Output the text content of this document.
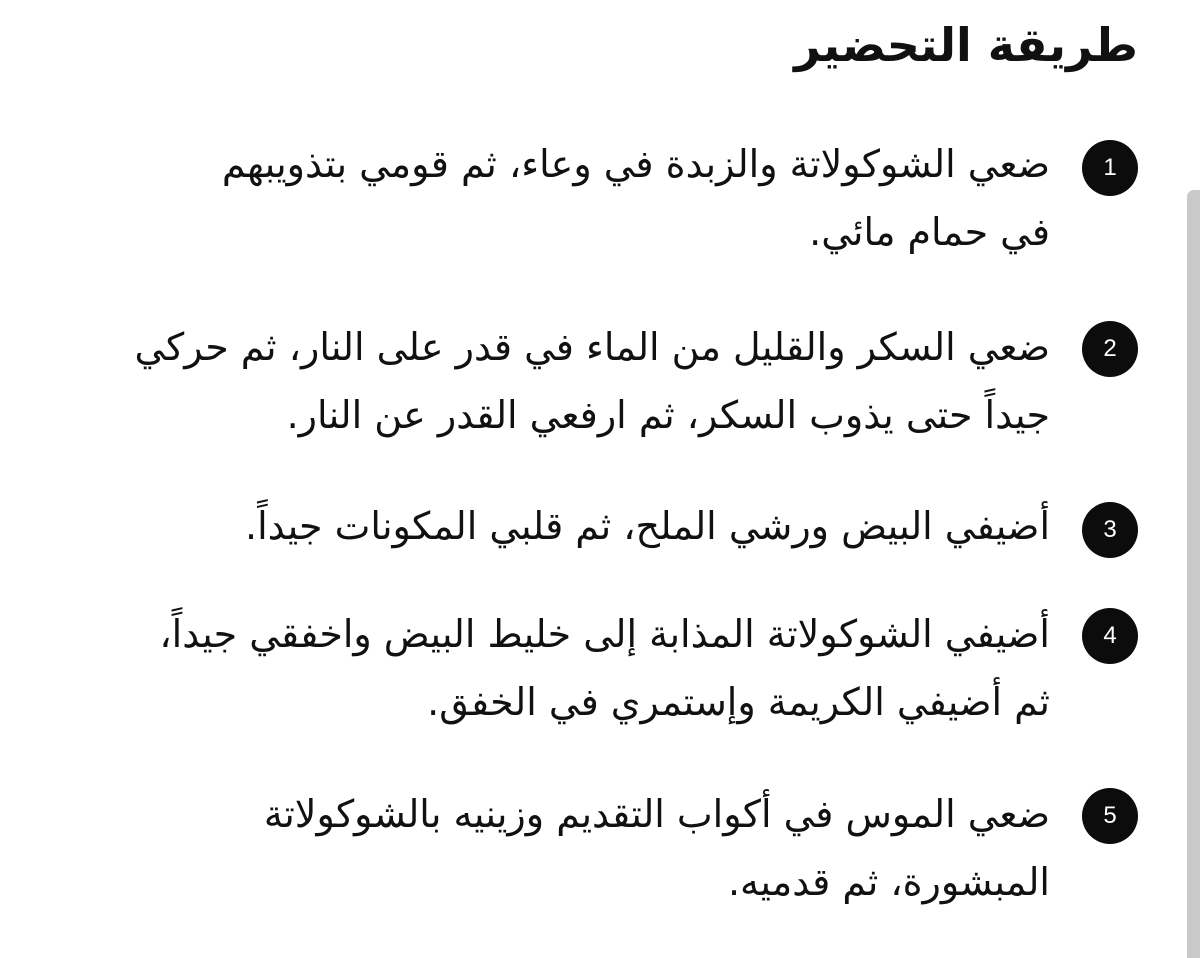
طريقة التحضير
1

ضعي الشوكولاتة والزبدة في وعاء، ثم قومي بتذويبهم
في حمام مائي.

2

ضعي السكر والقليل من الماء في قدر على النار، ثم حركي
جيداً حتى يذوب السكر، ثم ارفعي القدر عن النار.

3

أضيفي البيض ورشي الملح، ثم قلبي المكونات جيداً.

4

أضيفي الشوكولاتة المذابة إلى خليط البيض واخفقي جيداً،
ثم أضيفي الكريمة وإستمري في الخفق.

5

ضعي الموس في أكواب التقديم وزينيه بالشوكولاتة
المبشورة، ثم قدميه.
